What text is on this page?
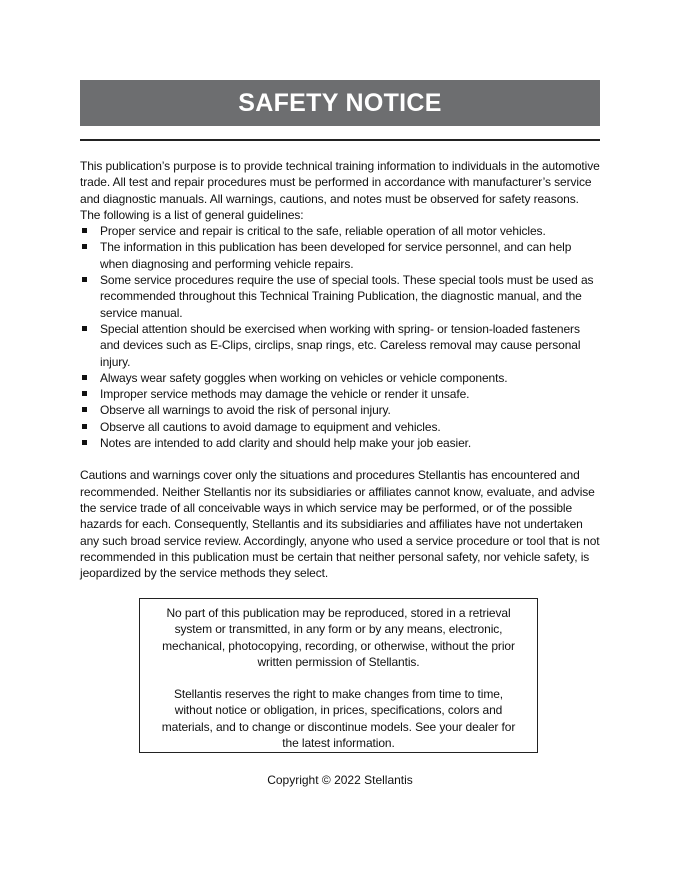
SAFETY NOTICE

This publication’s purpose is to provide technical training information to individuals in the automotive trade. All test and repair procedures must be performed in accordance with manufacturer’s service and diagnostic manuals. All warnings, cautions, and notes must be observed for safety reasons. The following is a list of general guidelines:

Proper service and repair is critical to the safe, reliable operation of all motor vehicles.
The information in this publication has been developed for service personnel, and can help when diagnosing and performing vehicle repairs.
Some service procedures require the use of special tools. These special tools must be used as recommended throughout this Technical Training Publication, the diagnostic manual, and the service manual.
Special attention should be exercised when working with spring- or tension-loaded fasteners and devices such as E-Clips, circlips, snap rings, etc. Careless removal may cause personal injury.
Always wear safety goggles when working on vehicles or vehicle components.
Improper service methods may damage the vehicle or render it unsafe.
Observe all warnings to avoid the risk of personal injury.
Observe all cautions to avoid damage to equipment and vehicles.
Notes are intended to add clarity and should help make your job easier.

Cautions and warnings cover only the situations and procedures Stellantis has encountered and recommended. Neither Stellantis nor its subsidiaries or affiliates cannot know, evaluate, and advise the service trade of all conceivable ways in which service may be performed, or of the possible hazards for each. Consequently, Stellantis and its subsidiaries and affiliates have not undertaken any such broad service review. Accordingly, anyone who used a service procedure or tool that is not recommended in this publication must be certain that neither personal safety, nor vehicle safety, is jeopardized by the service methods they select.

No part of this publication may be reproduced, stored in a retrieval system or transmitted, in any form or by any means, electronic, mechanical, photocopying, recording, or otherwise, without the prior written permission of Stellantis.

Stellantis reserves the right to make changes from time to time, without notice or obligation, in prices, specifications, colors and materials, and to change or discontinue models. See your dealer for the latest information.

Copyright © 2022 Stellantis
